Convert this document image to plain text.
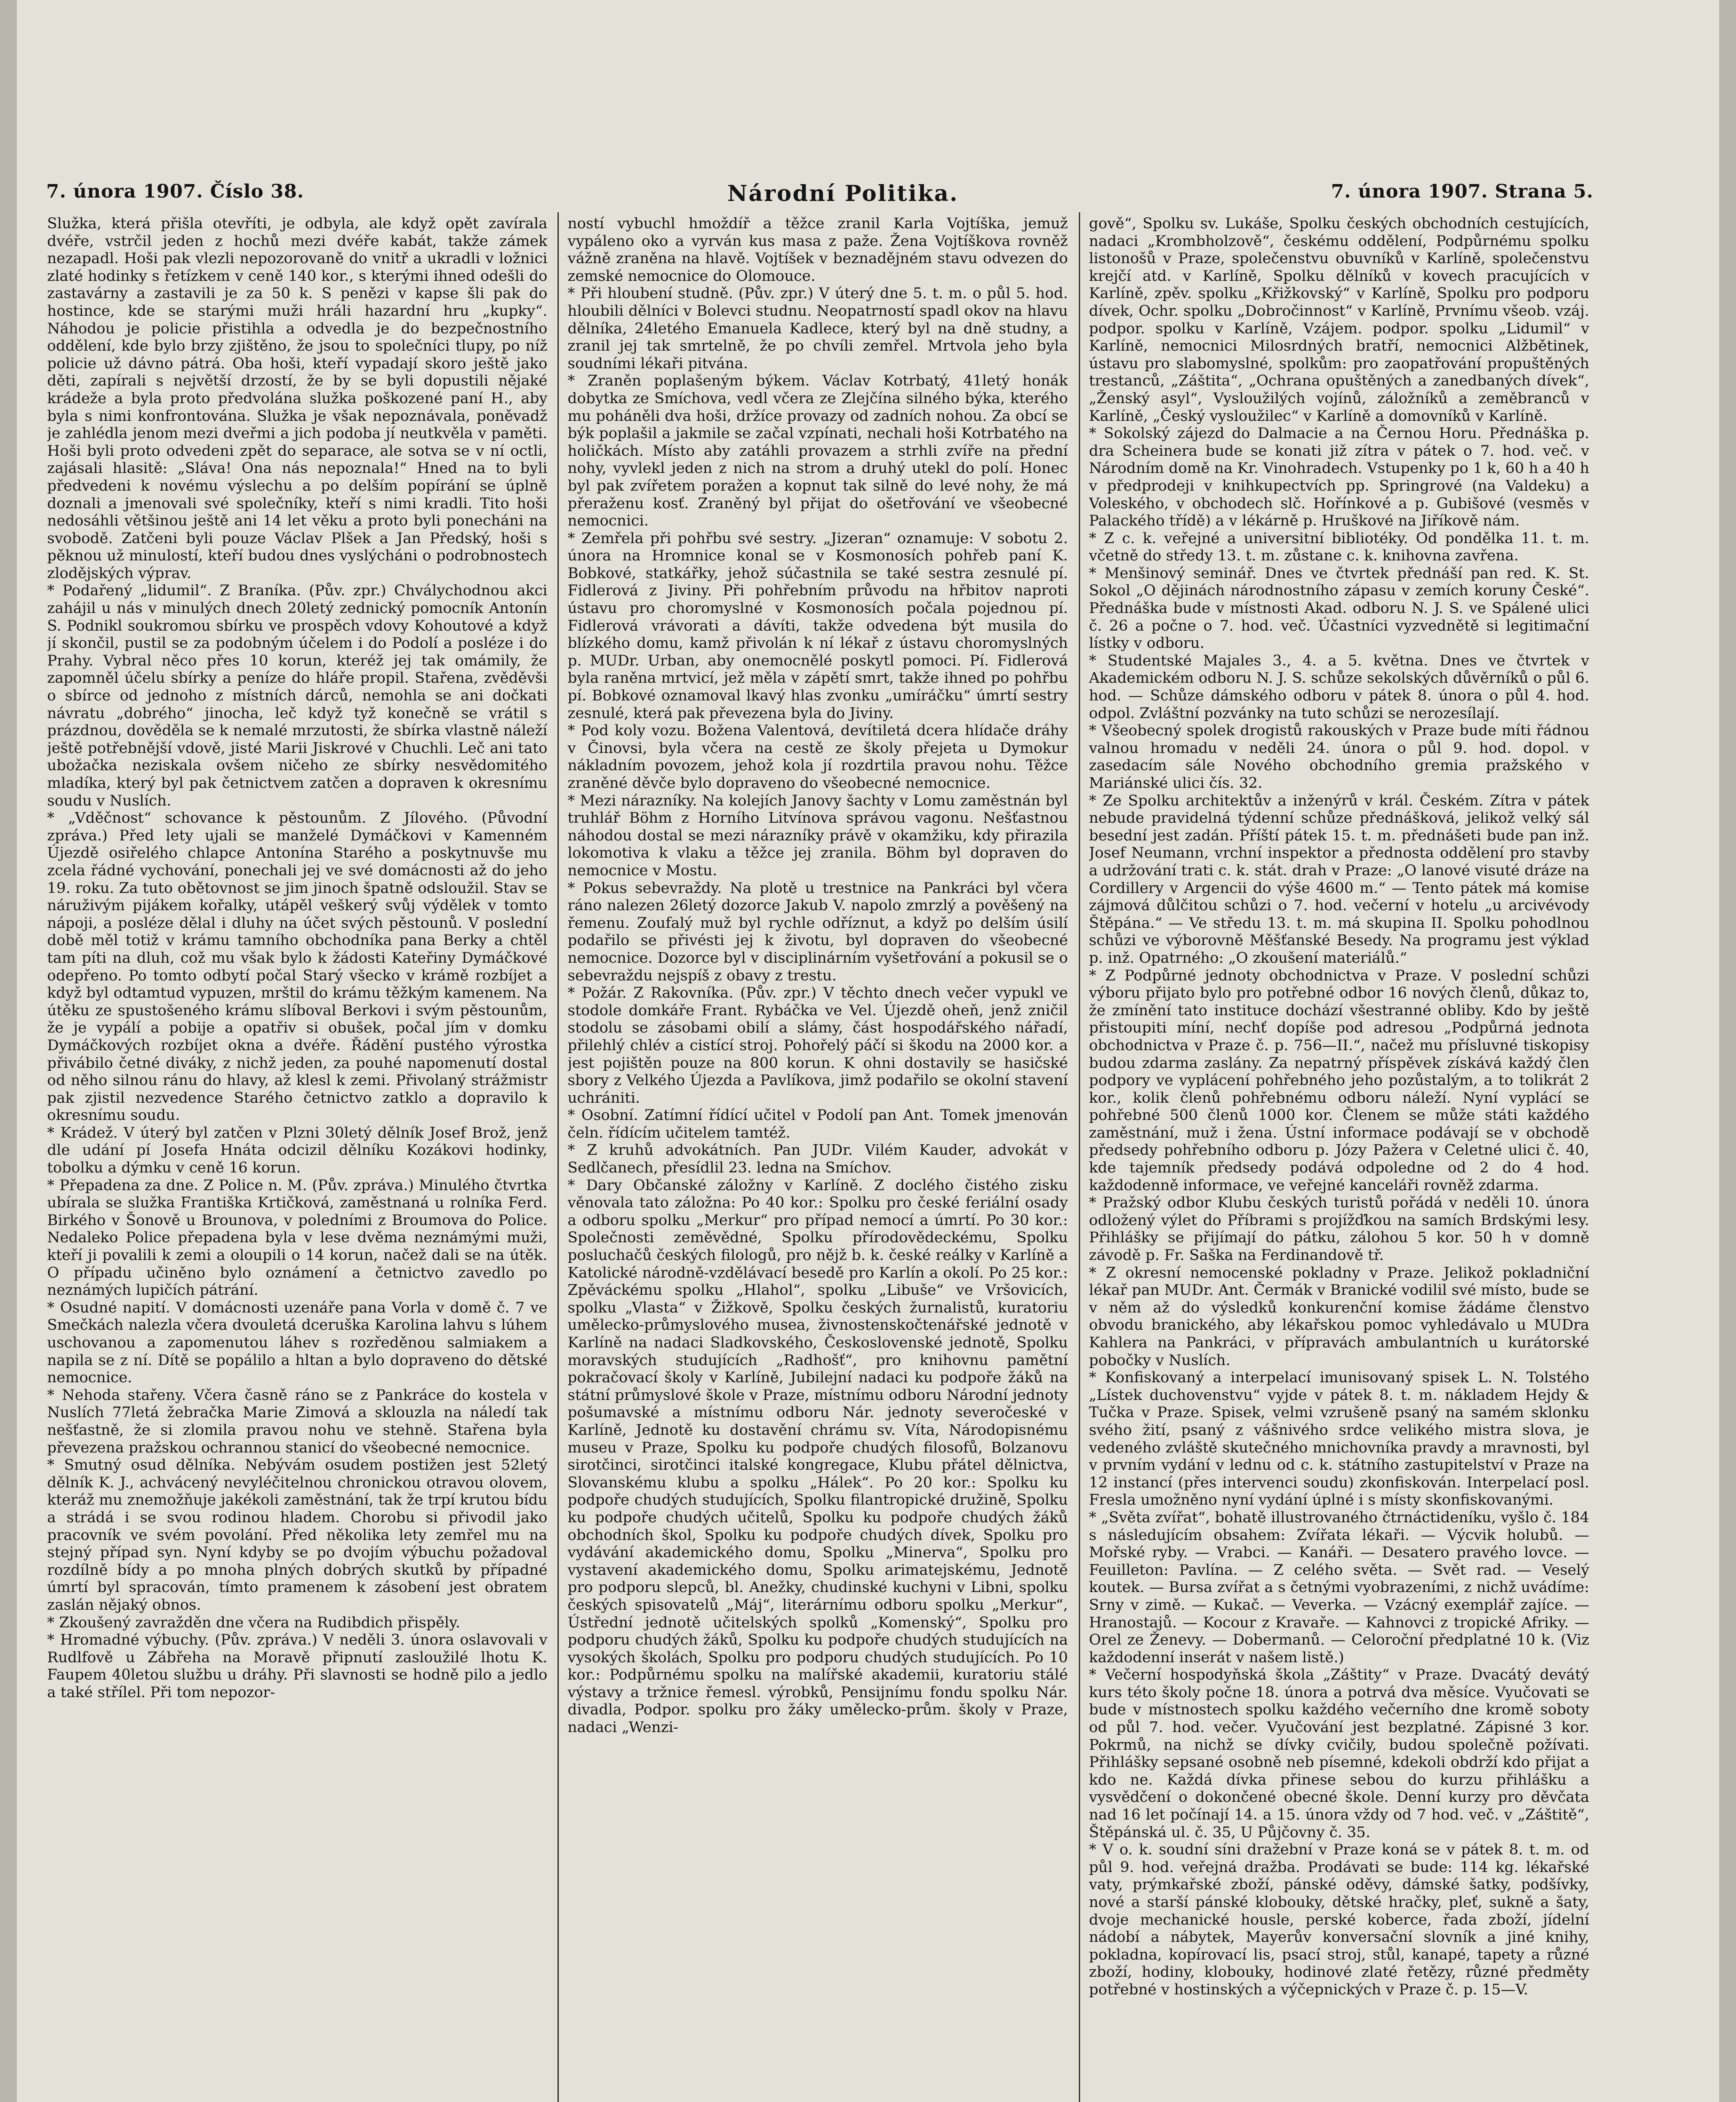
7. února 1907. Číslo 38.	Národní Politika.	7. února 1907. Strana 5.

Služka, která přišla otevříti, je odbyla, ale když opět zavírala dvéře, vstrčil jeden z hochů mezi dvéře kabát, takže zámek nezapadl. Hoši pak vlezli nepozorovaně do vnitř a ukradli v ložnici zlaté hodinky s řetízkem v ceně 140 kor., s kterými ihned odešli do zastavárny a zastavili je za 50 k. S penězi v kapse šli pak do hostince, kde se starými muži hráli hazardní hru „kupky“. Náhodou je policie přistihla a odvedla je do bezpečnostního oddělení, kde bylo brzy zjištěno, že jsou to společníci tlupy, po níž policie už dávno pátrá. Oba hoši, kteří vypadají skoro ještě jako děti, zapírali s největší drzostí, že by se byli dopustili nějaké krádeže a byla proto předvolána služka poškozené paní H., aby byla s nimi konfrontována. Služka je však nepoznávala, poněvadž je zahlédla jenom mezi dveřmi a jich podoba jí neutkvěla v paměti. Hoši byli proto odvedeni zpět do separace, ale sotva se v ní octli, zajásali hlasitě: „Sláva! Ona nás nepoznala!“ Hned na to byli předvedeni k novému výslechu a po delším popírání se úplně doznali a jmenovali své společníky, kteří s nimi kradli. Tito hoši nedosáhli většinou ještě ani 14 let věku a proto byli ponecháni na svobodě. Zatčeni byli pouze Václav Plšek a Jan Předský, hoši s pěknou už minulostí, kteří budou dnes vyslýcháni o podrobnostech zlodějských výprav.

* Podařený „lidumil“. Z Braníka. (Pův. zpr.) Chválychodnou akci zahájil u nás v minulých dnech 20letý zednický pomocník Antonín S. Podnikl soukromou sbírku ve prospěch vdovy Kohoutové a když jí skončil, pustil se za podobným účelem i do Podolí a posléze i do Prahy. Vybral něco přes 10 korun, kteréž jej tak omámily, že zapomněl účelu sbírky a peníze do hláře propil. Stařena, zvěděvši o sbírce od jednoho z místních dárců, nemohla se ani dočkati návratu „dobrého“ jinocha, leč když tyž konečně se vrátil s prázdnou, dověděla se k nemalé mrzutosti, že sbírka vlastně náleží ještě potřebnější vdově, jisté Marii Jiskrové v Chuchli. Leč ani tato ubožačka neziskala ovšem ničeho ze sbírky nesvědomitého mladíka, který byl pak četnictvem zatčen a dopraven k okresnímu soudu v Nuslích.

* „Vděčnost“ schovance k pěstounům. Z Jílového. (Původní zpráva.) Před lety ujali se manželé Dymáčkovi v Kamenném Újezdě osiřelého chlapce Antonína Starého a poskytnuvše mu zcela řádné vychování, ponechali jej ve své domácnosti až do jeho 19. roku. Za tuto obětovnost se jim jinoch špatně odsloužil. Stav se náruživým pijákem kořalky, utápěl veškerý svůj výdělek v tomto nápoji, a posléze dělal i dluhy na účet svých pěstounů. V poslední době měl totiž v krámu tamního obchodníka pana Berky a chtěl tam píti na dluh, což mu však bylo k žádosti Kateřiny Dymáčkové odepřeno. Po tomto odbytí počal Starý všecko v krámě rozbíjet a když byl odtamtud vypuzen, mrštil do krámu těžkým kamenem. Na útěku ze spustošeného krámu slíboval Berkovi i svým pěstounům, že je vypálí a pobije a opatřiv si obušek, počal jím v domku Dymáčkových rozbíjet okna a dvéře. Řádění pustého výrostka přivábilo četné diváky, z nichž jeden, za pouhé napomenutí dostal od něho silnou ránu do hlavy, až klesl k zemi. Přivolaný strážmistr pak zjistil nezvedence Starého četnictvo zatklo a dopravilo k okresnímu soudu.

* Krádež. V úterý byl zatčen v Plzni 30letý dělník Josef Brož, jenž dle udání pí Josefa Hnáta odcizil dělníku Kozákovi hodinky, tobolku a dýmku v ceně 16 korun.

* Přepadena za dne. Z Police n. M. (Pův. zpráva.) Minulého čtvrtka ubírala se služka Františka Krtičková, zaměstnaná u rolníka Ferd. Birkého v Šonově u Brounova, v poledními z Broumova do Police. Nedaleko Police přepadena byla v lese dvěma neznámými muži, kteří ji povalili k zemi a oloupili o 14 korun, načež dali se na útěk. O případu učiněno bylo oznámení a četnictvo zavedlo po neznámých lupičích pátrání.

* Osudné napití. V domácnosti uzenáře pana Vorla v domě č. 7 ve Smečkách nalezla včera dvouletá dceruška Karolina lahvu s lúhem uschovanou a zapomenutou láhev s rozředěnou salmiakem a napila se z ní. Dítě se popálilo a hltan a bylo dopraveno do dětské nemocnice.

* Nehoda stařeny. Včera časně ráno se z Pankráce do kostela v Nuslích 77letá žebračka Marie Zimová a sklouzla na náledí tak nešťastně, že si zlomila pravou nohu ve stehně. Stařena byla převezena pražskou ochrannou stanicí do všeobecné nemocnice.

* Smutný osud dělníka. Nebývám osudem postižen jest 52letý dělník K. J., achvácený nevyléčitelnou chronickou otravou olovem, kteráž mu znemožňuje jakékoli zaměstnání, tak že trpí krutou bídu a strádá i se svou rodinou hladem. Chorobu si přivodil jako pracovník ve svém povolání. Před několika lety zemřel mu na stejný případ syn. Nyní kdyby se po dvojím výbuchu požadoval rozdílně bídy a po mnoha plných dobrých skutků by případné úmrtí byl spracován, tímto pramenem k zásobení jest obratem zaslán nějaký obnos.

* Zkoušený zavražděn dne včera na Rudibdich přispěly.

* Hromadné výbuchy. (Pův. zpráva.) V neděli 3. února oslavovali v Rudlfově u Zábřeha na Moravě připnutí zasloužilé lhotu K. Faupem 40letou službu u dráhy. Při slavnosti se hodně pilo a jedlo a také střílel. Při tom nepozor-

ností vybuchl hmoždíř a těžce zranil Karla Vojtíška, jemuž vypáleno oko a vyrván kus masa z paže. Žena Vojtíškova rovněž vážně zraněna na hlavě. Vojtíšek v beznadějném stavu odvezen do zemské nemocnice do Olomouce.

* Při hloubení studně. (Pův. zpr.) V úterý dne 5. t. m. o půl 5. hod. hloubili dělníci v Bolevci studnu. Neopatrností spadl okov na hlavu dělníka, 24letého Emanuela Kadlece, který byl na dně studny, a zranil jej tak smrtelně, že po chvíli zemřel. Mrtvola jeho byla soudními lékaři pitvána.

* Zraněn poplašeným býkem. Václav Kotrbatý, 41letý honák dobytka ze Smíchova, vedl včera ze Zlejčína silného býka, kterého mu poháněli dva hoši, držíce provazy od zadních nohou. Za obcí se býk poplašil a jakmile se začal vzpínati, nechali hoši Kotrbatého na holičkách. Místo aby zatáhli provazem a strhli zvíře na přední nohy, vyvlekl jeden z nich na strom a druhý utekl do polí. Honec byl pak zvířetem poražen a kopnut tak silně do levé nohy, že má přeraženu kosť. Zraněný byl přijat do ošetřování ve všeobecné nemocnici.

* Zemřela při pohřbu své sestry. „Jizeran“ oznamuje: V sobotu 2. února na Hromnice konal se v Kosmonosích pohřeb paní K. Bobkové, statkářky, jehož súčastnila se také sestra zesnulé pí. Fidlerová z Jiviny. Při pohřebním průvodu na hřbitov naproti ústavu pro choromyslné v Kosmonosích počala pojednou pí. Fidlerová vrávorati a dávíti, takže odvedena být musila do blízkého domu, kamž přivolán k ní lékař z ústavu choromyslných p. MUDr. Urban, aby onemocnělé poskytl pomoci. Pí. Fidlerová byla raněna mrtvicí, jež měla v zápětí smrt, takže ihned po pohřbu pí. Bobkové oznamoval lkavý hlas zvonku „umíráčku“ úmrtí sestry zesnulé, která pak převezena byla do Jiviny.

* Pod koly vozu. Božena Valentová, devítiletá dcera hlídače dráhy v Činovsi, byla včera na cestě ze školy přejeta u Dymokur nákladním povozem, jehož kola jí rozdrtila pravou nohu. Těžce zraněné děvče bylo dopraveno do všeobecné nemocnice.

* Mezi nárazníky. Na kolejích Janovy šachty v Lomu zaměstnán byl truhlář Böhm z Horního Litvínova správou vagonu. Nešťastnou náhodou dostal se mezi nárazníky právě v okamžiku, kdy přirazila lokomotiva k vlaku a těžce jej zranila. Böhm byl dopraven do nemocnice v Mostu.

* Pokus sebevraždy. Na plotě u trestnice na Pankráci byl včera ráno nalezen 26letý dozorce Jakub V. napolo zmrzlý a pověšený na řemenu. Zoufalý muž byl rychle odříznut, a když po delším úsilí podařilo se přivésti jej k životu, byl dopraven do všeobecné nemocnice. Dozorce byl v disciplinárním vyšetřování a pokusil se o sebevraždu nejspíš z obavy z trestu.

* Požár. Z Rakovníka. (Pův. zpr.) V těchto dnech večer vypukl ve stodole domkáře Frant. Rybáčka ve Vel. Újezdě oheň, jenž zničil stodolu se zásobami obilí a slámy, část hospodářského nářadí, přilehlý chlév a cistící stroj. Pohořelý páčí si škodu na 2000 kor. a jest pojištěn pouze na 800 korun. K ohni dostavily se hasičské sbory z Velkého Újezda a Pavlíkova, jimž podařilo se okolní stavení uchrániti.

* Osobní. Zatímní řídící učitel v Podolí pan Ant. Tomek jmenován čeln. řídícím učitelem tamtéž.

* Z kruhů advokátních. Pan JUDr. Vilém Kauder, advokát v Sedlčanech, přesídlil 23. ledna na Smíchov.

* Dary Občanské záložny v Karlíně. Z doclého čistého zisku věnovala tato záložna: Po 40 kor.: Spolku pro české feriální osady a odboru spolku „Merkur“ pro případ nemocí a úmrtí. Po 30 kor.: Společnosti zeměvědné, Spolku přírodovědeckému, Spolku posluchačů českých filologů, pro nějž b. k. české reálky v Karlíně a Katolické národně-vzdělávací besedě pro Karlín a okolí. Po 25 kor.: Zpěváckému spolku „Hlahol“, spolku „Libuše“ ve Vršovicích, spolku „Vlasta“ v Žižkově, Spolku českých žurnalistů, kuratoriu umělecko-průmyslového musea, živnostenskočtenářské jednotě v Karlíně na nadaci Sladkovského, Československé jednotě, Spolku moravských studujících „Radhošť“, pro knihovnu pamětní pokračovací školy v Karlíně, Jubilejní nadaci ku podpoře žáků na státní průmyslové škole v Praze, místnímu odboru Národní jednoty pošumavské a místnímu odboru Nár. jednoty severočeské v Karlíně, Jednotě ku dostavění chrámu sv. Víta, Národopisnému museu v Praze, Spolku ku podpoře chudých filosofů, Bolzanovu sirotčinci, sirotčinci italské kongregace, Klubu přátel dělnictva, Slovanskému klubu a spolku „Hálek“. Po 20 kor.: Spolku ku podpoře chudých studujících, Spolku filantropické družině, Spolku ku podpoře chudých učitelů, Spolku ku podpoře chudých žáků obchodních škol, Spolku ku podpoře chudých dívek, Spolku pro vydávání akademického domu, Spolku „Minerva“, Spolku pro vystavení akademického domu, Spolku arimatejskému, Jednotě pro podporu slepců, bl. Anežky, chudinské kuchyni v Libni, spolku českých spisovatelů „Máj“, literárnímu odboru spolku „Merkur“, Ústřední jednotě učitelských spolků „Komenský“, Spolku pro podporu chudých žáků, Spolku ku podpoře chudých studujících na vysokých školách, Spolku pro podporu chudých studujících. Po 10 kor.: Podpůrnému spolku na malířské akademii, kuratoriu stálé výstavy a tržnice řemesl. výrobků, Pensijnímu fondu spolku Nár. divadla, Podpor. spolku pro žáky umělecko-prům. školy v Praze, nadaci „Wenzi-

gově“, Spolku sv. Lukáše, Spolku českých obchodních cestujících, nadaci „Krombholzově“, českému oddělení, Podpůrnému spolku listonošů v Praze, společenstvu obuvníků v Karlíně, společenstvu krejčí atd. v Karlíně, Spolku dělníků v kovech pracujících v Karlíně, zpěv. spolku „Křižkovský“ v Karlíně, Spolku pro podporu dívek, Ochr. spolku „Dobročinnost“ v Karlíně, Prvnímu všeob. vzáj. podpor. spolku v Karlíně, Vzájem. podpor. spolku „Lidumil“ v Karlíně, nemocnici Milosrdných bratří, nemocnici Alžbětinek, ústavu pro slabomyslné, spolkům: pro zaopatřování propuštěných trestanců, „Záštita“, „Ochrana opuštěných a zanedbaných dívek“, „Ženský asyl“, Vysloužilých vojínů, záložníků a zeměbranců v Karlíně, „Český vysloužilec“ v Karlíně a domovníků v Karlíně.

* Sokolský zájezd do Dalmacie a na Černou Horu. Přednáška p. dra Scheinera bude se konati již zítra v pátek o 7. hod. več. v Národním domě na Kr. Vinohradech. Vstupenky po 1 k, 60 h a 40 h v předprodeji v knihkupectvích pp. Springrové (na Valdeku) a Voleského, v obchodech slč. Hořínkové a p. Gubišové (vesměs v Palackého třídě) a v lékárně p. Hruškové na Jiříkově nám.

* Z c. k. veřejné a universitní bibliotéky. Od pondělka 11. t. m. včetně do středy 13. t. m. zůstane c. k. knihovna zavřena.

* Menšinový seminář. Dnes ve čtvrtek přednáší pan red. K. St. Sokol „O dějinách národnostního zápasu v zemích koruny České“. Přednáška bude v místnosti Akad. odboru N. J. S. ve Spálené ulici č. 26 a počne o 7. hod. več. Účastníci vyzvednětě si legitimační lístky v odboru.

* Studentské Majales 3., 4. a 5. května. Dnes ve čtvrtek v Akademickém odboru N. J. S. schůze sekolských důvěrníků o půl 6. hod. — Schůze dámského odboru v pátek 8. února o půl 4. hod. odpol. Zvláštní pozvánky na tuto schůzi se nerozesílají.

* Všeobecný spolek drogistů rakouských v Praze bude míti řádnou valnou hromadu v neděli 24. února o půl 9. hod. dopol. v zasedacím sále Nového obchodního gremia pražského v Mariánské ulici čís. 32.

* Ze Spolku architektův a inženýrů v král. Českém. Zítra v pátek nebude pravidelná týdenní schůze přednášková, jelikož velký sál besední jest zadán. Příští pátek 15. t. m. přednášeti bude pan inž. Josef Neumann, vrchní inspektor a přednosta oddělení pro stavby a udržování trati c. k. stát. drah v Praze: „O lanové visuté dráze na Cordillery v Argencii do výše 4600 m.“ — Tento pátek má komise zájmová důlčitou schůzi o 7. hod. večerní v hotelu „u arcivévody Štěpána.“ — Ve středu 13. t. m. má skupina II. Spolku pohodlnou schůzi ve výborovně Měšťanské Besedy. Na programu jest výklad p. inž. Opatrného: „O zkoušení materiálů.“

* Z Podpůrné jednoty obchodnictva v Praze. V poslední schůzi výboru přijato bylo pro potřebné odbor 16 nových členů, důkaz to, že zmínění tato instituce dochází všestranné obliby. Kdo by ještě přistoupiti míní, nechť dopíše pod adresou „Podpůrná jednota obchodnictva v Praze č. p. 756—II.“, načež mu přísluvné tiskopisy budou zdarma zaslány. Za nepatrný příspěvek získává každý člen podpory ve vyplácení pohřebného jeho pozůstalým, a to tolikrát 2 kor., kolik členů pohřebnému odboru náleží. Nyní vyplácí se pohřebné 500 členů 1000 kor. Členem se může státi každého zaměstnání, muž i žena. Ústní informace podávají se v obchodě předsedy pohřebního odboru p. Józy Pažera v Celetné ulici č. 40, kde tajemník předsedy podává odpoledne od 2 do 4 hod. každodenně informace, ve veřejné kanceláři rovněž zdarma.

* Pražský odbor Klubu českých turistů pořádá v neděli 10. února odložený výlet do Příbrami s projížďkou na samích Brdskými lesy. Přihlášky se přijímají do pátku, zálohou 5 kor. 50 h v domně závodě p. Fr. Saška na Ferdinandově tř.

* Z okresní nemocenské pokladny v Praze. Jelikož pokladniční lékař pan MUDr. Ant. Čermák v Branické vodilil své místo, bude se v něm až do výsledků konkurenční komise žádáme členstvo obvodu branického, aby lékařskou pomoc vyhledávalo u MUDra Kahlera na Pankráci, v přípravách ambulantních u kurátorské pobočky v Nuslích.

* Konfiskovaný a interpelací imunisovaný spisek L. N. Tolstého „Lístek duchovenstvu“ vyjde v pátek 8. t. m. nákladem Hejdy & Tučka v Praze. Spisek, velmi vzrušeně psaný na samém sklonku svého žití, psaný z vášnivého srdce velikého mistra slova, je vedeného zvláště skutečného mnichovníka pravdy a mravnosti, byl v prvním vydání v lednu od c. k. státního zastupitelství v Praze na 12 instancí (přes intervenci soudu) zkonfiskován. Interpelací posl. Fresla umožněno nyní vydání úplné i s místy skonfiskovanými.

* „Světa zvířat“, bohatě illustrovaného čtrnáctideníku, vyšlo č. 184 s následujícím obsahem: Zvířata lékaři. — Výcvik holubů. — Mořské ryby. — Vrabci. — Kanáři. — Desatero pravého lovce. — Feuilleton: Pavlína. — Z celého světa. — Svět rad. — Veselý koutek. — Bursa zvířat a s četnými vyobrazeními, z nichž uvádíme: Srny v zimě. — Kukač. — Veverka. — Vzácný exemplář zajíce. — Hranostajů. — Kocour z Kravaře. — Kahnovci z tropické Afriky. — Orel ze Ženevy. — Dobermanů. — Celoroční předplatné 10 k. (Viz každodenní inserát v našem listě.)

* Večerní hospodyňská škola „Záštity“ v Praze. Dvacátý devátý kurs této školy počne 18. února a potrvá dva měsíce. Vyučovati se bude v místnostech spolku každého večerního dne kromě soboty od půl 7. hod. večer. Vyučování jest bezplatné. Zápisné 3 kor. Pokrmů, na nichž se dívky cvičily, budou společně požívati. Přihlášky sepsané osobně neb písemné, kdekoli obdrží kdo přijat a kdo ne. Každá dívka přinese sebou do kurzu přihlášku a vysvědčení o dokončené obecné škole. Denní kurzy pro děvčata nad 16 let počínají 14. a 15. února vždy od 7 hod. več. v „Záštitě“, Štěpánská ul. č. 35, U Půjčovny č. 35.

* V o. k. soudní síni dražební v Praze koná se v pátek 8. t. m. od půl 9. hod. veřejná dražba. Prodávati se bude: 114 kg. lékařské vaty, prýmkařské zboží, pánské oděvy, dámské šatky, podšívky, nové a starší pánské klobouky, dětské hračky, pleť, sukně a šaty, dvoje mechanické housle, perské koberce, řada zboží, jídelní nádobí a nábytek, Mayerův konversační slovník a jiné knihy, pokladna, kopírovací lis, psací stroj, stůl, kanapé, tapety a různé zboží, hodiny, klobouky, hodinové zlaté řetězy, různé předměty potřebné v hostinských a výčepnických v Praze č. p. 15—V.
